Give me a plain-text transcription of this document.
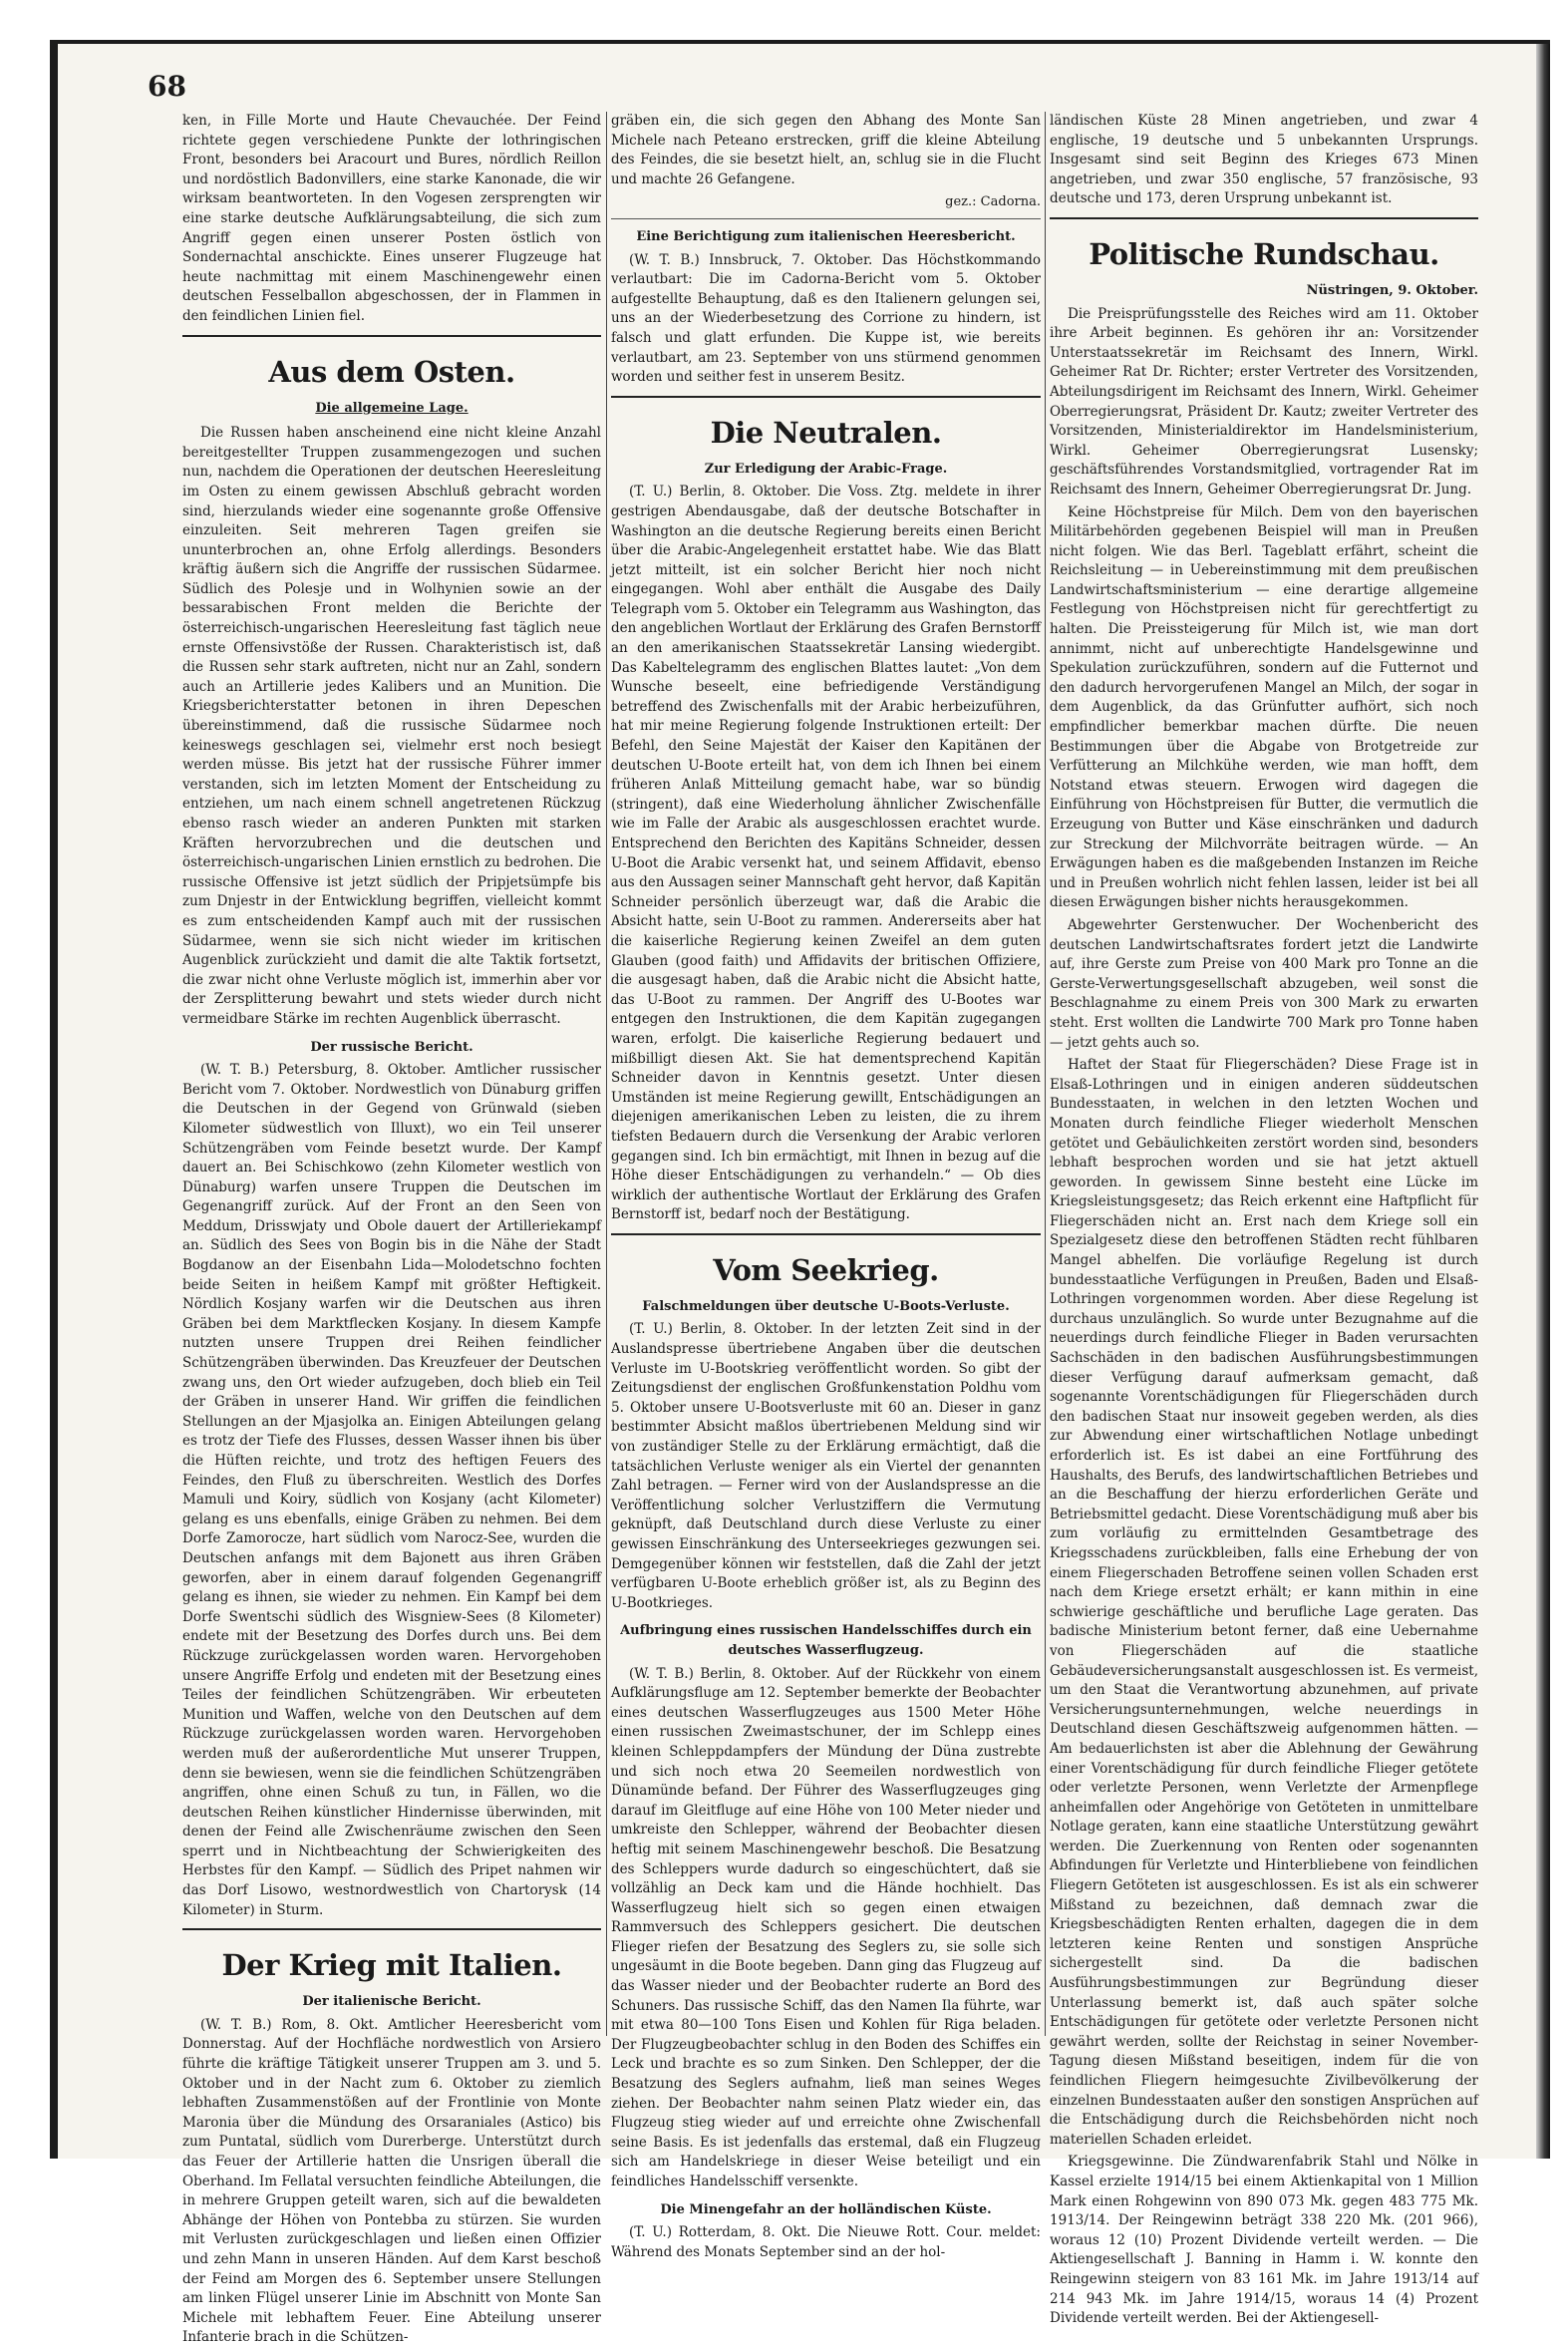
68

ken, in Fille Morte und Haute Chevauchée. Der Feind richtete gegen verschiedene Punkte der lothringischen Front, besonders bei Aracourt und Bures, nördlich Reillon und nordöstlich Badonvillers, eine starke Kanonade, die wir wirksam beantworteten. In den Vogesen zersprengten wir eine starke deutsche Aufklärungsabteilung, die sich zum Angriff gegen einen unserer Posten östlich von Sondernachtal anschickte. Eines unserer Flugzeuge hat heute nachmittag mit einem Maschinengewehr einen deutschen Fesselballon abgeschossen, der in Flammen in den feindlichen Linien fiel.

Aus dem Osten.
Die allgemeine Lage.

Die Russen haben anscheinend eine nicht kleine Anzahl bereitgestellter Truppen zusammengezogen und suchen nun, nachdem die Operationen der deutschen Heeresleitung im Osten zu einem gewissen Abschluß gebracht worden sind, hierzulands wieder eine sogenannte große Offensive einzuleiten. Seit mehreren Tagen greifen sie ununterbrochen an, ohne Erfolg allerdings. Besonders kräftig äußern sich die Angriffe der russischen Südarmee. Südlich des Polesje und in Wolhynien sowie an der bessarabischen Front melden die Berichte der österreichisch-ungarischen Heeresleitung fast täglich neue ernste Offensivstöße der Russen. Charakteristisch ist, daß die Russen sehr stark auftreten, nicht nur an Zahl, sondern auch an Artillerie jedes Kalibers und an Munition. Die Kriegsberichterstatter betonen in ihren Depeschen übereinstimmend, daß die russische Südarmee noch keineswegs geschlagen sei, vielmehr erst noch besiegt werden müsse. Bis jetzt hat der russische Führer immer verstanden, sich im letzten Moment der Entscheidung zu entziehen, um nach einem schnell angetretenen Rückzug ebenso rasch wieder an anderen Punkten mit starken Kräften hervorzubrechen und die deutschen und österreichisch-ungarischen Linien ernstlich zu bedrohen. Die russische Offensive ist jetzt südlich der Pripjetsümpfe bis zum Dnjestr in der Entwicklung begriffen, vielleicht kommt es zum entscheidenden Kampf auch mit der russischen Südarmee, wenn sie sich nicht wieder im kritischen Augenblick zurückzieht und damit die alte Taktik fortsetzt, die zwar nicht ohne Verluste möglich ist, immerhin aber vor der Zersplitterung bewahrt und stets wieder durch nicht vermeidbare Stärke im rechten Augenblick überrascht.

Der russische Bericht.

(W. T. B.) Petersburg, 8. Oktober. Amtlicher russischer Bericht vom 7. Oktober. Nordwestlich von Dünaburg griffen die Deutschen in der Gegend von Grünwald (sieben Kilometer südwestlich von Illuxt), wo ein Teil unserer Schützengräben vom Feinde besetzt wurde. Der Kampf dauert an. Bei Schischkowo (zehn Kilometer westlich von Dünaburg) warfen unsere Truppen die Deutschen im Gegenangriff zurück. Auf der Front an den Seen von Meddum, Drisswjaty und Obole dauert der Artilleriekampf an. Südlich des Sees von Bogin bis in die Nähe der Stadt Bogdanow an der Eisenbahn Lida—Molodetschno fochten beide Seiten in heißem Kampf mit größter Heftigkeit. Nördlich Kosjany warfen wir die Deutschen aus ihren Gräben bei dem Marktflecken Kosjany. In diesem Kampfe nutzten unsere Truppen drei Reihen feindlicher Schützengräben überwinden. Das Kreuzfeuer der Deutschen zwang uns, den Ort wieder aufzugeben, doch blieb ein Teil der Gräben in unserer Hand. Wir griffen die feindlichen Stellungen an der Mjasjolka an. Einigen Abteilungen gelang es trotz der Tiefe des Flusses, dessen Wasser ihnen bis über die Hüften reichte, und trotz des heftigen Feuers des Feindes, den Fluß zu überschreiten. Westlich des Dorfes Mamuli und Koiry, südlich von Kosjany (acht Kilometer) gelang es uns ebenfalls, einige Gräben zu nehmen. Bei dem Dorfe Zamorocze, hart südlich vom Narocz-See, wurden die Deutschen anfangs mit dem Bajonett aus ihren Gräben geworfen, aber in einem darauf folgenden Gegenangriff gelang es ihnen, sie wieder zu nehmen. Ein Kampf bei dem Dorfe Swentschi südlich des Wisgniew-Sees (8 Kilometer) endete mit der Besetzung des Dorfes durch uns. Bei dem Rückzuge zurückgelassen worden waren. Hervorgehoben unsere Angriffe Erfolg und endeten mit der Besetzung eines Teiles der feindlichen Schützengräben. Wir erbeuteten Munition und Waffen, welche von den Deutschen auf dem Rückzuge zurückgelassen worden waren. Hervorgehoben werden muß der außerordentliche Mut unserer Truppen, denn sie bewiesen, wenn sie die feindlichen Schützengräben angriffen, ohne einen Schuß zu tun, in Fällen, wo die deutschen Reihen künstlicher Hindernisse überwinden, mit denen der Feind alle Zwischenräume zwischen den Seen sperrt und in Nichtbeachtung der Schwierigkeiten des Herbstes für den Kampf. — Südlich des Pripet nahmen wir das Dorf Lisowo, westnordwestlich von Chartorysk (14 Kilometer) in Sturm.

Der Krieg mit Italien.
Der italienische Bericht.

(W. T. B.) Rom, 8. Okt. Amtlicher Heeresbericht vom Donnerstag. Auf der Hochfläche nordwestlich von Arsiero führte die kräftige Tätigkeit unserer Truppen am 3. und 5. Oktober und in der Nacht zum 6. Oktober zu ziemlich lebhaften Zusammenstößen auf der Frontlinie von Monte Maronia über die Mündung des Orsaraniales (Astico) bis zum Puntatal, südlich vom Durerberge. Unterstützt durch das Feuer der Artillerie hatten die Unsrigen überall die Oberhand. Im Fellatal versuchten feindliche Abteilungen, die in mehrere Gruppen geteilt waren, sich auf die bewaldeten Abhänge der Höhen von Pontebba zu stürzen. Sie wurden mit Verlusten zurückgeschlagen und ließen einen Offizier und zehn Mann in unseren Händen. Auf dem Karst beschoß der Feind am Morgen des 6. September unsere Stellungen am linken Flügel unserer Linie im Abschnitt von Monte San Michele mit lebhaftem Feuer. Eine Abteilung unserer Infanterie brach in die Schützen-

gräben ein, die sich gegen den Abhang des Monte San Michele nach Peteano erstrecken, griff die kleine Abteilung des Feindes, die sie besetzt hielt, an, schlug sie in die Flucht und machte 26 Gefangene.

gez.: Cadorna.
Eine Berichtigung zum italienischen Heeresbericht.

(W. T. B.) Innsbruck, 7. Oktober. Das Höchstkommando verlautbart: Die im Cadorna-Bericht vom 5. Oktober aufgestellte Behauptung, daß es den Italienern gelungen sei, uns an der Wiederbesetzung des Corrione zu hindern, ist falsch und glatt erfunden. Die Kuppe ist, wie bereits verlautbart, am 23. September von uns stürmend genommen worden und seither fest in unserem Besitz.

Die Neutralen.
Zur Erledigung der Arabic-Frage.

(T. U.) Berlin, 8. Oktober. Die Voss. Ztg. meldete in ihrer gestrigen Abendausgabe, daß der deutsche Botschafter in Washington an die deutsche Regierung bereits einen Bericht über die Arabic-Angelegenheit erstattet habe. Wie das Blatt jetzt mitteilt, ist ein solcher Bericht hier noch nicht eingegangen. Wohl aber enthält die Ausgabe des Daily Telegraph vom 5. Oktober ein Telegramm aus Washington, das den angeblichen Wortlaut der Erklärung des Grafen Bernstorff an den amerikanischen Staatssekretär Lansing wiedergibt. Das Kabeltelegramm des englischen Blattes lautet: „Von dem Wunsche beseelt, eine befriedigende Verständigung betreffend des Zwischenfalls mit der Arabic herbeizuführen, hat mir meine Regierung folgende Instruktionen erteilt: Der Befehl, den Seine Majestät der Kaiser den Kapitänen der deutschen U-Boote erteilt hat, von dem ich Ihnen bei einem früheren Anlaß Mitteilung gemacht habe, war so bündig (stringent), daß eine Wiederholung ähnlicher Zwischenfälle wie im Falle der Arabic als ausgeschlossen erachtet wurde. Entsprechend den Berichten des Kapitäns Schneider, dessen U-Boot die Arabic versenkt hat, und seinem Affidavit, ebenso aus den Aussagen seiner Mannschaft geht hervor, daß Kapitän Schneider persönlich überzeugt war, daß die Arabic die Absicht hatte, sein U-Boot zu rammen. Andererseits aber hat die kaiserliche Regierung keinen Zweifel an dem guten Glauben (good faith) und Affidavits der britischen Offiziere, die ausgesagt haben, daß die Arabic nicht die Absicht hatte, das U-Boot zu rammen. Der Angriff des U-Bootes war entgegen den Instruktionen, die dem Kapitän zugegangen waren, erfolgt. Die kaiserliche Regierung bedauert und mißbilligt diesen Akt. Sie hat dementsprechend Kapitän Schneider davon in Kenntnis gesetzt. Unter diesen Umständen ist meine Regierung gewillt, Entschädigungen an diejenigen amerikanischen Leben zu leisten, die zu ihrem tiefsten Bedauern durch die Versenkung der Arabic verloren gegangen sind. Ich bin ermächtigt, mit Ihnen in bezug auf die Höhe dieser Entschädigungen zu verhandeln.“ — Ob dies wirklich der authentische Wortlaut der Erklärung des Grafen Bernstorff ist, bedarf noch der Bestätigung.

Vom Seekrieg.
Falschmeldungen über deutsche U-Boots-Verluste.

(T. U.) Berlin, 8. Oktober. In der letzten Zeit sind in der Auslandspresse übertriebene Angaben über die deutschen Verluste im U-Bootskrieg veröffentlicht worden. So gibt der Zeitungsdienst der englischen Großfunkenstation Poldhu vom 5. Oktober unsere U-Bootsverluste mit 60 an. Dieser in ganz bestimmter Absicht maßlos übertriebenen Meldung sind wir von zuständiger Stelle zu der Erklärung ermächtigt, daß die tatsächlichen Verluste weniger als ein Viertel der genannten Zahl betragen. — Ferner wird von der Auslandspresse an die Veröffentlichung solcher Verlustziffern die Vermutung geknüpft, daß Deutschland durch diese Verluste zu einer gewissen Einschränkung des Unterseekrieges gezwungen sei. Demgegenüber können wir feststellen, daß die Zahl der jetzt verfügbaren U-Boote erheblich größer ist, als zu Beginn des U-Bootkrieges.

Aufbringung eines russischen Handelsschiffes durch ein deutsches Wasserflugzeug.

(W. T. B.) Berlin, 8. Oktober. Auf der Rückkehr von einem Aufklärungsfluge am 12. September bemerkte der Beobachter eines deutschen Wasserflugzeuges aus 1500 Meter Höhe einen russischen Zweimastschuner, der im Schlepp eines kleinen Schleppdampfers der Mündung der Düna zustrebte und sich noch etwa 20 Seemeilen nordwestlich von Dünamünde befand. Der Führer des Wasserflugzeuges ging darauf im Gleitfluge auf eine Höhe von 100 Meter nieder und umkreiste den Schlepper, während der Beobachter diesen heftig mit seinem Maschinengewehr beschoß. Die Besatzung des Schleppers wurde dadurch so eingeschüchtert, daß sie vollzählig an Deck kam und die Hände hochhielt. Das Wasserflugzeug hielt sich so gegen einen etwaigen Rammversuch des Schleppers gesichert. Die deutschen Flieger riefen der Besatzung des Seglers zu, sie solle sich ungesäumt in die Boote begeben. Dann ging das Flugzeug auf das Wasser nieder und der Beobachter ruderte an Bord des Schuners. Das russische Schiff, das den Namen Ila führte, war mit etwa 80—100 Tons Eisen und Kohlen für Riga beladen. Der Flugzeugbeobachter schlug in den Boden des Schiffes ein Leck und brachte es so zum Sinken. Den Schlepper, der die Besatzung des Seglers aufnahm, ließ man seines Weges ziehen. Der Beobachter nahm seinen Platz wieder ein, das Flugzeug stieg wieder auf und erreichte ohne Zwischenfall seine Basis. Es ist jedenfalls das erstemal, daß ein Flugzeug sich am Handelskriege in dieser Weise beteiligt und ein feindliches Handelsschiff versenkte.

Die Minengefahr an der holländischen Küste.

(T. U.) Rotterdam, 8. Okt. Die Nieuwe Rott. Cour. meldet: Während des Monats September sind an der hol-

ländischen Küste 28 Minen angetrieben, und zwar 4 englische, 19 deutsche und 5 unbekannten Ursprungs. Insgesamt sind seit Beginn des Krieges 673 Minen angetrieben, und zwar 350 englische, 57 französische, 93 deutsche und 173, deren Ursprung unbekannt ist.

Politische Rundschau.
Nüstringen, 9. Oktober.

Die Preisprüfungsstelle des Reiches wird am 11. Oktober ihre Arbeit beginnen. Es gehören ihr an: Vorsitzender Unterstaatssekretär im Reichsamt des Innern, Wirkl. Geheimer Rat Dr. Richter; erster Vertreter des Vorsitzenden, Abteilungsdirigent im Reichsamt des Innern, Wirkl. Geheimer Oberregierungsrat, Präsident Dr. Kautz; zweiter Vertreter des Vorsitzenden, Ministerialdirektor im Handelsministerium, Wirkl. Geheimer Oberregierungsrat Lusensky; geschäftsführendes Vorstandsmitglied, vortragender Rat im Reichsamt des Innern, Geheimer Oberregierungsrat Dr. Jung.

Keine Höchstpreise für Milch. Dem von den bayerischen Militärbehörden gegebenen Beispiel will man in Preußen nicht folgen. Wie das Berl. Tageblatt erfährt, scheint die Reichsleitung — in Uebereinstimmung mit dem preußischen Landwirtschaftsministerium — eine derartige allgemeine Festlegung von Höchstpreisen nicht für gerechtfertigt zu halten. Die Preissteigerung für Milch ist, wie man dort annimmt, nicht auf unberechtigte Handelsgewinne und Spekulation zurückzuführen, sondern auf die Futternot und den dadurch hervorgerufenen Mangel an Milch, der sogar in dem Augenblick, da das Grünfutter aufhört, sich noch empfindlicher bemerkbar machen dürfte. Die neuen Bestimmungen über die Abgabe von Brotgetreide zur Verfütterung an Milchkühe werden, wie man hofft, dem Notstand etwas steuern. Erwogen wird dagegen die Einführung von Höchstpreisen für Butter, die vermutlich die Erzeugung von Butter und Käse einschränken und dadurch zur Streckung der Milchvorräte beitragen würde. — An Erwägungen haben es die maßgebenden Instanzen im Reiche und in Preußen wohrlich nicht fehlen lassen, leider ist bei all diesen Erwägungen bisher nichts herausgekommen.

Abgewehrter Gerstenwucher. Der Wochenbericht des deutschen Landwirtschaftsrates fordert jetzt die Landwirte auf, ihre Gerste zum Preise von 400 Mark pro Tonne an die Gerste-Verwertungsgesellschaft abzugeben, weil sonst die Beschlagnahme zu einem Preis von 300 Mark zu erwarten steht. Erst wollten die Landwirte 700 Mark pro Tonne haben — jetzt gehts auch so.

Haftet der Staat für Fliegerschäden? Diese Frage ist in Elsaß-Lothringen und in einigen anderen süddeutschen Bundesstaaten, in welchen in den letzten Wochen und Monaten durch feindliche Flieger wiederholt Menschen getötet und Gebäulichkeiten zerstört worden sind, besonders lebhaft besprochen worden und sie hat jetzt aktuell geworden. In gewissem Sinne besteht eine Lücke im Kriegsleistungsgesetz; das Reich erkennt eine Haftpflicht für Fliegerschäden nicht an. Erst nach dem Kriege soll ein Spezialgesetz diese den betroffenen Städten recht fühlbaren Mangel abhelfen. Die vorläufige Regelung ist durch bundesstaatliche Verfügungen in Preußen, Baden und Elsaß-Lothringen vorgenommen worden. Aber diese Regelung ist durchaus unzulänglich. So wurde unter Bezugnahme auf die neuerdings durch feindliche Flieger in Baden verursachten Sachschäden in den badischen Ausführungsbestimmungen dieser Verfügung darauf aufmerksam gemacht, daß sogenannte Vorentschädigungen für Fliegerschäden durch den badischen Staat nur insoweit gegeben werden, als dies zur Abwendung einer wirtschaftlichen Notlage unbedingt erforderlich ist. Es ist dabei an eine Fortführung des Haushalts, des Berufs, des landwirtschaftlichen Betriebes und an die Beschaffung der hierzu erforderlichen Geräte und Betriebsmittel gedacht. Diese Vorentschädigung muß aber bis zum vorläufig zu ermittelnden Gesamtbetrage des Kriegsschadens zurückbleiben, falls eine Erhebung der von einem Fliegerschaden Betroffene seinen vollen Schaden erst nach dem Kriege ersetzt erhält; er kann mithin in eine schwierige geschäftliche und berufliche Lage geraten. Das badische Ministerium betont ferner, daß eine Uebernahme von Fliegerschäden auf die staatliche Gebäudeversicherungsanstalt ausgeschlossen ist. Es vermeist, um den Staat die Verantwortung abzunehmen, auf private Versicherungsunternehmungen, welche neuerdings in Deutschland diesen Geschäftszweig aufgenommen hätten. — Am bedauerlichsten ist aber die Ablehnung der Gewährung einer Vorentschädigung für durch feindliche Flieger getötete oder verletzte Personen, wenn Verletzte der Armenpflege anheimfallen oder Angehörige von Getöteten in unmittelbare Notlage geraten, kann eine staatliche Unterstützung gewährt werden. Die Zuerkennung von Renten oder sogenannten Abfindungen für Verletzte und Hinterbliebene von feindlichen Fliegern Getöteten ist ausgeschlossen. Es ist als ein schwerer Mißstand zu bezeichnen, daß demnach zwar die Kriegsbeschädigten Renten erhalten, dagegen die in dem letzteren keine Renten und sonstigen Ansprüche sichergestellt sind. Da die badischen Ausführungsbestimmungen zur Begründung dieser Unterlassung bemerkt ist, daß auch später solche Entschädigungen für getötete oder verletzte Personen nicht gewährt werden, sollte der Reichstag in seiner November-Tagung diesen Mißstand beseitigen, indem für die von feindlichen Fliegern heimgesuchte Zivilbevölkerung der einzelnen Bundesstaaten außer den sonstigen Ansprüchen auf die Entschädigung durch die Reichsbehörden nicht noch materiellen Schaden erleidet.

Kriegsgewinne. Die Zündwarenfabrik Stahl und Nölke in Kassel erzielte 1914/15 bei einem Aktienkapital von 1 Million Mark einen Rohgewinn von 890 073 Mk. gegen 483 775 Mk. 1913/14. Der Reingewinn beträgt 338 220 Mk. (201 966), woraus 12 (10) Prozent Dividende verteilt werden. — Die Aktiengesellschaft J. Banning in Hamm i. W. konnte den Reingewinn steigern von 83 161 Mk. im Jahre 1913/14 auf 214 943 Mk. im Jahre 1914/15, woraus 14 (4) Prozent Dividende verteilt werden. Bei der Aktiengesell-
